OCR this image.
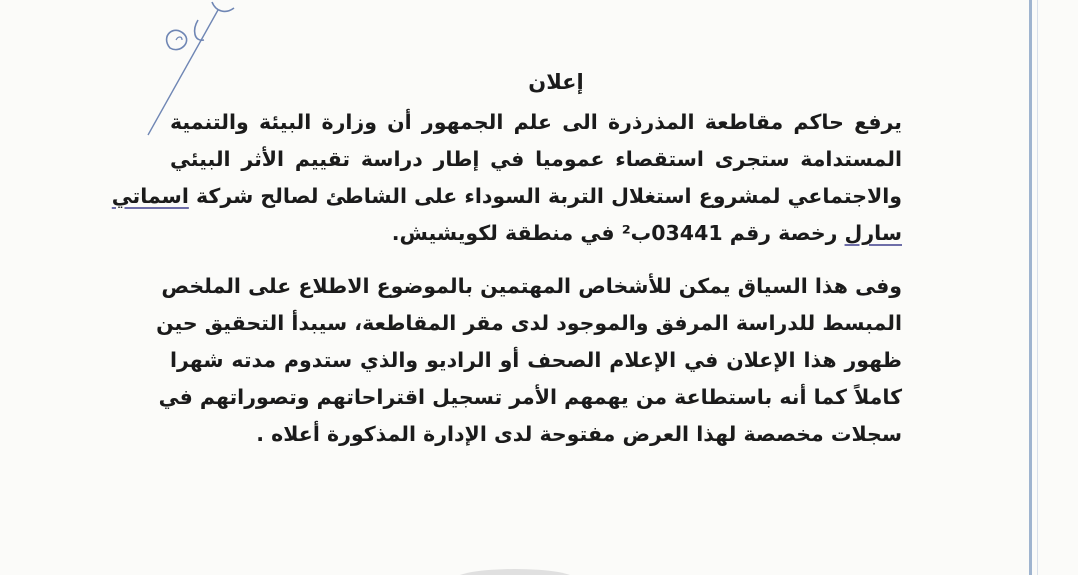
إعلان
يرفع حاكم مقاطعة المذرذرة الى علم الجمهور أن وزارة البيئة والتنمية
المستدامة ستجرى استقصاء عموميا في إطار دراسة تقييم الأثر البيئي
والاجتماعي لمشروع استغلال التربة السوداء على الشاطئ لصالح شركة اسماتي
سارل رخصة رقم 03441ب² في منطقة لكويشيش.
وفى هذا السياق يمكن للأشخاص المهتمين بالموضوع الاطلاع على الملخص
المبسط للدراسة المرفق والموجود لدى مقر المقاطعة، سيبدأ التحقيق حين
ظهور هذا الإعلان في الإعلام الصحف أو الراديو والذي ستدوم مدته شهرا
كاملاً كما أنه باستطاعة من يهمهم الأمر تسجيل اقتراحاتهم وتصوراتهم في
سجلات مخصصة لهذا العرض مفتوحة لدى الإدارة المذكورة أعلاه .
